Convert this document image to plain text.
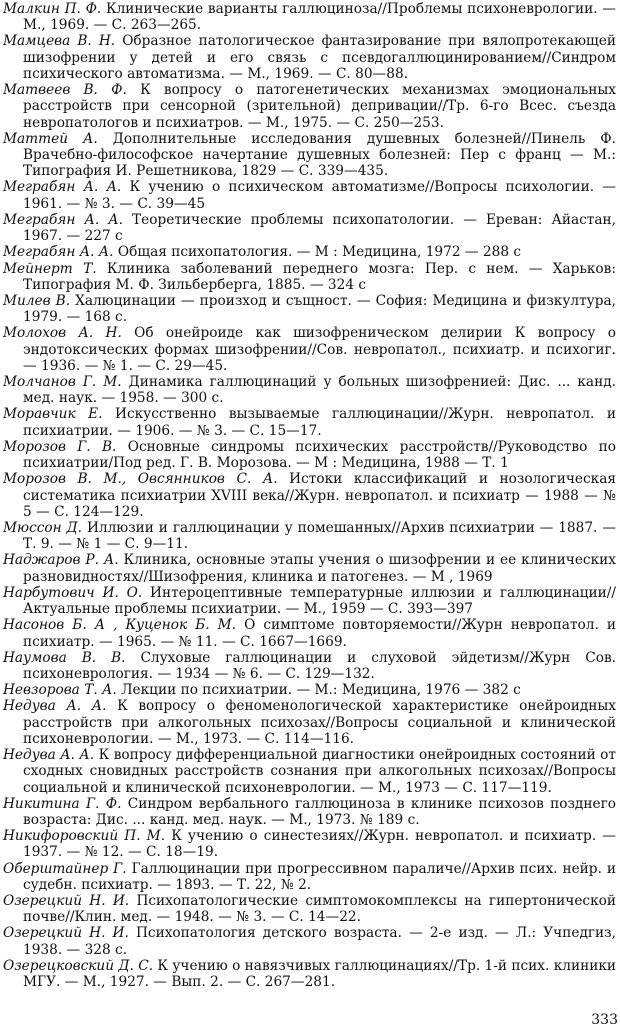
Малкин П. Ф. Клинические варианты галлюциноза//Проблемы психоневрологии. — М., 1969. — С. 263—265.

Мамцева В. Н. Образное патологическое фантазирование при вялопротекающей шизофрении у детей и его связь с псевдогаллюцинированием//Синдром психического автоматизма. — М., 1969. — С. 80—88.

Матвеев В. Ф. К вопросу о патогенетических механизмах эмоциональных расстройств при сенсорной (зрительной) депривации//Тр. 6-го Всес. съезда невропатологов и психиатров. — М., 1975. — С. 250—253.

Маттей А. Дополнительные исследования душевных болезней//Пинель Ф. Врачебно-философское начертание душевных болезней: Пер с франц — М.: Типография И. Решетникова, 1829 — С. 339—435.

Меграбян А. А. К учению о психическом автоматизме//Вопросы психологии. — 1961. — № 3. — С. 39—45

Меграбян А. А. Теоретические проблемы психопатологии. — Ереван: Айастан, 1967. — 227 с

Меграбян А. А. Общая психопатология. — М : Медицина, 1972 — 288 с

Мейнерт Т. Клиника заболеваний переднего мозга: Пер. с нем. — Харьков: Типография М. Ф. Зильберберга, 1885. — 324 с

Милев В. Халюцинации — произход и същност. — София: Медицина и физкултура, 1979. — 168 с.

Молохов А. Н. Об онейроиде как шизофреническом делирии К вопросу о эндотоксических формах шизофрении//Сов. невропатол., психиатр. и психогиг. — 1936. — № 1. — С. 29—45.

Молчанов Г. М. Динамика галлюцинаций у больных шизофренией: Дис. ... канд. мед. наук. — 1958. — 300 с.

Моравчик Е. Искусственно вызываемые галлюцинации//Журн. невропатол. и психиатрии. — 1906. — № 3. — С. 15—17.

Морозов Г. В. Основные синдромы психических расстройств//Руководство по психиатрии/Под ред. Г. В. Морозова. — М : Медицина, 1988 — Т. 1

Морозов В. М., Овсянников С. А. Истоки классификаций и нозологическая систематика психиатрии XVIII века//Журн. невропатол. и психиатр — 1988 — № 5 — С. 124—129.

Мюссон Д. Иллюзии и галлюцинации у помешанных//Архив психиатрии — 1887. — Т. 9. — № 1 — С. 9—11.

Наджаров Р. А. Клиника, основные этапы учения о шизофрении и ее клинических разновидностях//Шизофрения, клиника и патогенез. — М , 1969

Нарбутович И. О. Интероцептивные температурные иллюзии и галлюцинации//Актуальные проблемы психиатрии. — М., 1959 — С. 393—397

Насонов Б. А , Куценок Б. М. О симптоме повторяемости//Журн невропатол. и психиатр. — 1965. — № 11. — С. 1667—1669.

Наумова В. В. Слуховые галлюцинации и слуховой эйдетизм//Журн Сов. психоневрология. — 1934 — № 6. — С. 129—132.

Невзорова Т. А. Лекции по психиатрии. — М.: Медицина, 1976 — 382 с

Недува А. А. К вопросу о феноменологической характеристике онейроидных расстройств при алкогольных психозах//Вопросы социальной и клинической психоневрологии. — М., 1973. — С. 114—116.

Недува А. А. К вопросу дифференциальной диагностики онейроидных состояний от сходных сновидных расстройств сознания при алкогольных психозах//Вопросы социальной и клинической психоневрологии. — М., 1973 — С. 117—119.

Никитина Г. Ф. Синдром вербального галлюциноза в клинике психозов позднего возраста: Дис. ... канд. мед. наук. — М., 1973. № 189 с.

Никифоровский П. М. К учению о синестезиях//Журн. невропатол. и психиатр. — 1937. — № 12. — С. 18—19.

Оберштайнер Г. Галлюцинации при прогрессивном параличе//Архив псих. нейр. и судебн. психиатр. — 1893. — Т. 22, № 2.

Озерецкий Н. И. Психопатологические симптомокомплексы на гипертонической почве//Клин. мед. — 1948. — № 3. — С. 14—22.

Озерецкий Н. И. Психопатология детского возраста. — 2-е изд. — Л.: Учпедгиз, 1938. — 328 с.

Озерецковский Д. С. К учению о навязчивых галлюцинациях//Тр. 1-й псих. клиники МГУ. — М., 1927. — Вып. 2. — С. 267—281.

333
